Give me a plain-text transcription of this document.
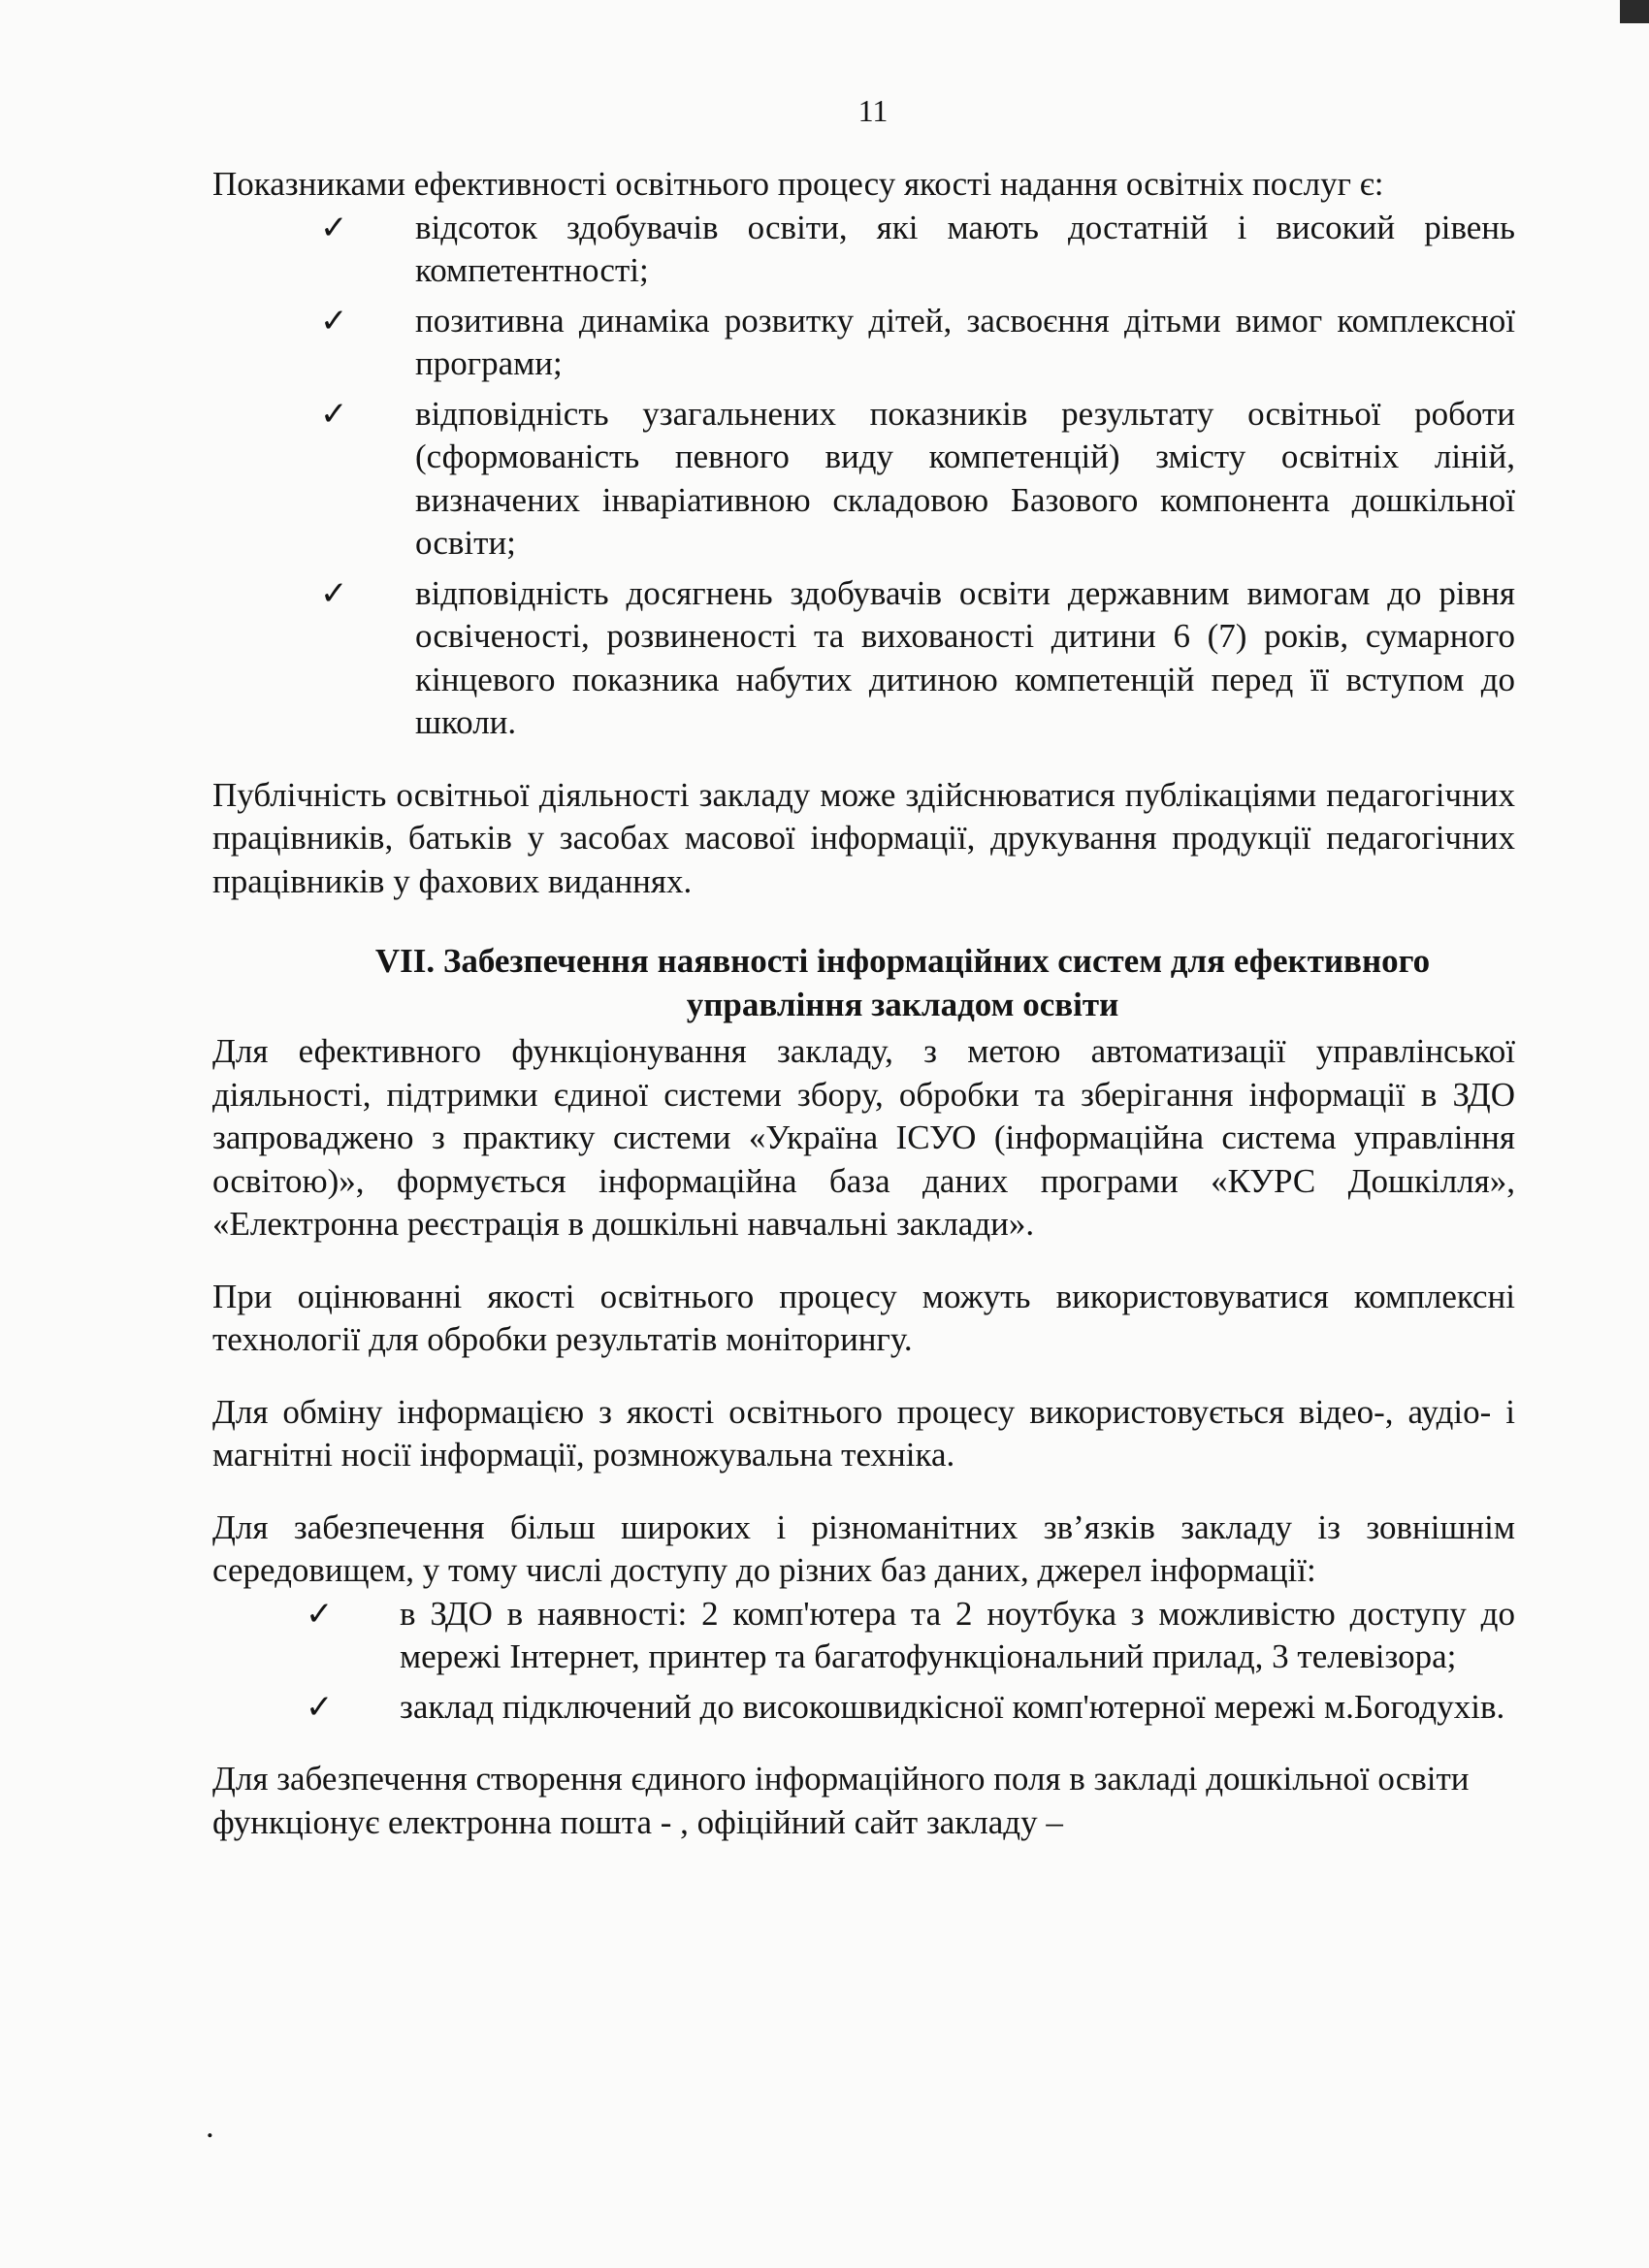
11

Показниками ефективності освітнього процесу якості надання освітніх послуг є:

✓ відсоток здобувачів освіти, які мають достатній і високий рівень компетентності;
✓ позитивна динаміка розвитку дітей, засвоєння дітьми вимог комплексної програми;
✓ відповідність узагальнених показників результату освітньої роботи (сформованість певного виду компетенцій) змісту освітніх ліній, визначених інваріативною складовою Базового компонента дошкільної освіти;
✓ відповідність досягнень здобувачів освіти державним вимогам до рівня освіченості, розвиненості та вихованості дитини 6 (7) років, сумарного кінцевого показника набутих дитиною компетенцій перед її вступом до школи.

Публічність освітньої діяльності закладу може здійснюватися публікаціями педагогічних працівників, батьків у засобах масової інформації, друкування продукції педагогічних працівників у фахових виданнях.

VII. Забезпечення наявності інформаційних систем для ефективного управління закладом освіти

Для ефективного функціонування закладу, з метою автоматизації управлінської діяльності, підтримки єдиної системи збору, обробки та зберігання інформації в ЗДО запроваджено з практику системи «Україна ІСУО (інформаційна система управління освітою)», формується інформаційна база даних програми «КУРС Дошкілля», «Електронна реєстрація в дошкільні навчальні заклади».

При оцінюванні якості освітнього процесу можуть використовуватися комплексні технології для обробки результатів моніторингу.

Для обміну інформацією з якості освітнього процесу використовується відео-, аудіо- і магнітні носії інформації, розмножувальна техніка.

Для забезпечення більш широких і різноманітних зв’язків закладу із зовнішнім середовищем, у тому числі доступу до різних баз даних, джерел інформації:

✓ в ЗДО в наявності: 2 комп'ютера та 2 ноутбука з можливістю доступу до мережі Інтернет, принтер та багатофункціональний прилад, 3 телевізора;
✓ заклад підключений до високошвидкісної комп'ютерної мережі м.Богодухів.

Для забезпечення створення єдиного інформаційного поля в закладі дошкільної освіти функціонує електронна пошта - , офіційний сайт закладу –

.
